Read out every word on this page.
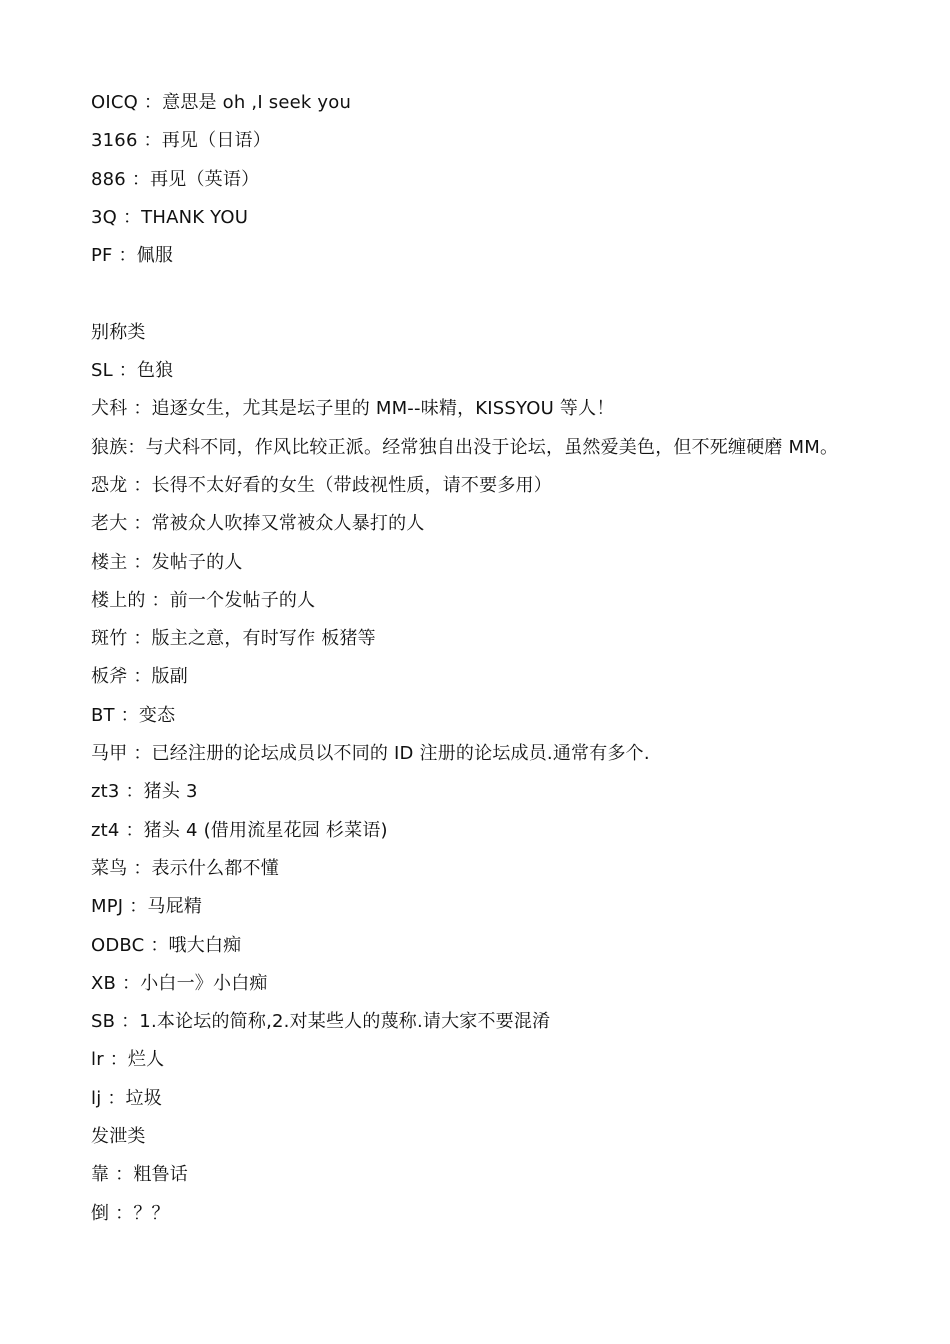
OICQ ：意思是 oh ,I seek you
3166 ：再见（日语）
886 ：再见（英语）
3Q ：THANK YOU
PF ：佩服
别称类
SL ：色狼
犬科 ：追逐女生，尤其是坛子里的 MM--味精，KISSYOU 等人！
狼族：与犬科不同，作风比较正派。经常独自出没于论坛，虽然爱美色，但不死缠硬磨 MM。
恐龙 ：长得不太好看的女生（带歧视性质，请不要多用）
老大 ：常被众人吹捧又常被众人暴打的人
楼主 ：发帖子的人
楼上的 ：前一个发帖子的人
斑竹 ：版主之意，有时写作 板猪等
板斧 ：版副
BT ：变态
马甲 ：已经注册的论坛成员以不同的 ID 注册的论坛成员.通常有多个.
zt3 ：猪头 3
zt4 ：猪头 4 (借用流星花园 杉菜语)
菜鸟 ：表示什么都不懂
MPJ ：马屁精
ODBC ：哦大白痴
XB ：小白一》小白痴
SB ：1.本论坛的简称,2.对某些人的蔑称.请大家不要混淆
lr ：烂人
lj ：垃圾
发泄类
靠 ：粗鲁话
倒 ：？？
